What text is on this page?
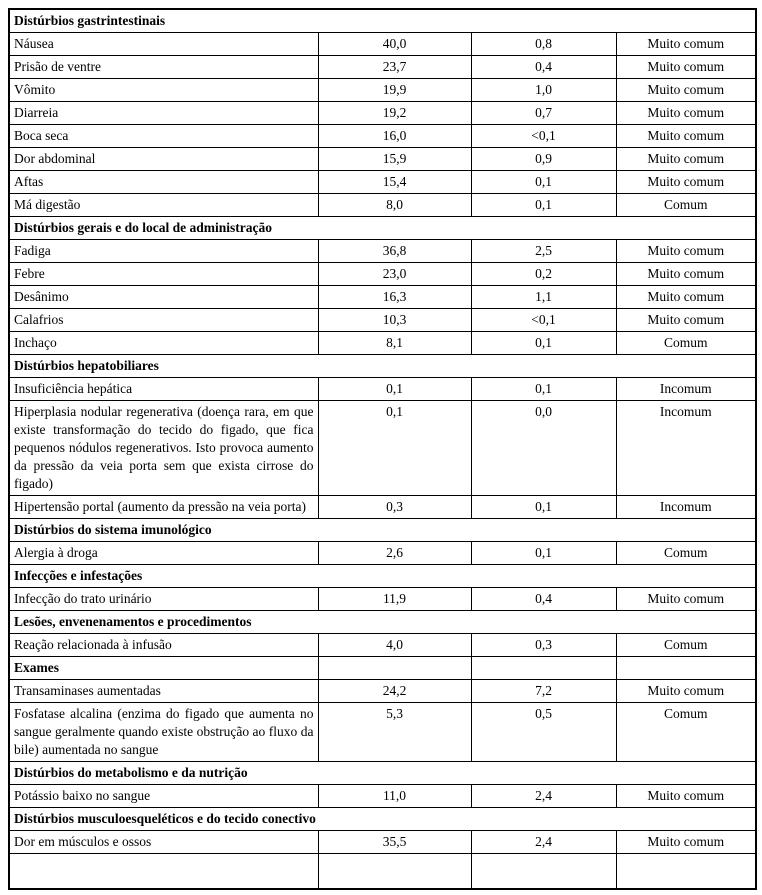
Distúrbios gastrintestinais			
Náusea	40,0	0,8	Muito comum
Prisão de ventre	23,7	0,4	Muito comum
Vômito	19,9	1,0	Muito comum
Diarreia	19,2	0,7	Muito comum
Boca seca	16,0	<0,1	Muito comum
Dor abdominal	15,9	0,9	Muito comum
Aftas	15,4	0,1	Muito comum
Má digestão	8,0	0,1	Comum
Distúrbios gerais e do local de administração			
Fadiga	36,8	2,5	Muito comum
Febre	23,0	0,2	Muito comum
Desânimo	16,3	1,1	Muito comum
Calafrios	10,3	<0,1	Muito comum
Inchaço	8,1	0,1	Comum
Distúrbios hepatobiliares			
Insuficiência hepática	0,1	0,1	Incomum
Hiperplasia nodular regenerativa (doença rara, em que existe transformação do tecido do figado, que fica pequenos nódulos regenerativos. Isto provoca aumento da pressão da veia porta sem que exista cirrose do figado)	0,1	0,0	Incomum
Hipertensão portal (aumento da pressão na veia porta)	0,3	0,1	Incomum
Distúrbios do sistema imunológico			
Alergia à droga	2,6	0,1	Comum
Infecções e infestações			
Infecção do trato urinário	11,9	0,4	Muito comum
Lesões, envenenamentos e procedimentos			
Reação relacionada à infusão	4,0	0,3	Comum
Exames			
Transaminases aumentadas	24,2	7,2	Muito comum
Fosfatase alcalina (enzima do figado que aumenta no sangue geralmente quando existe obstrução ao fluxo da bile) aumentada no sangue	5,3	0,5	Comum
Distúrbios do metabolismo e da nutrição			
Potássio baixo no sangue	11,0	2,4	Muito comum
Distúrbios musculoesqueléticos e do tecido conectivo			
Dor em músculos e ossos	35,5	2,4	Muito comum
